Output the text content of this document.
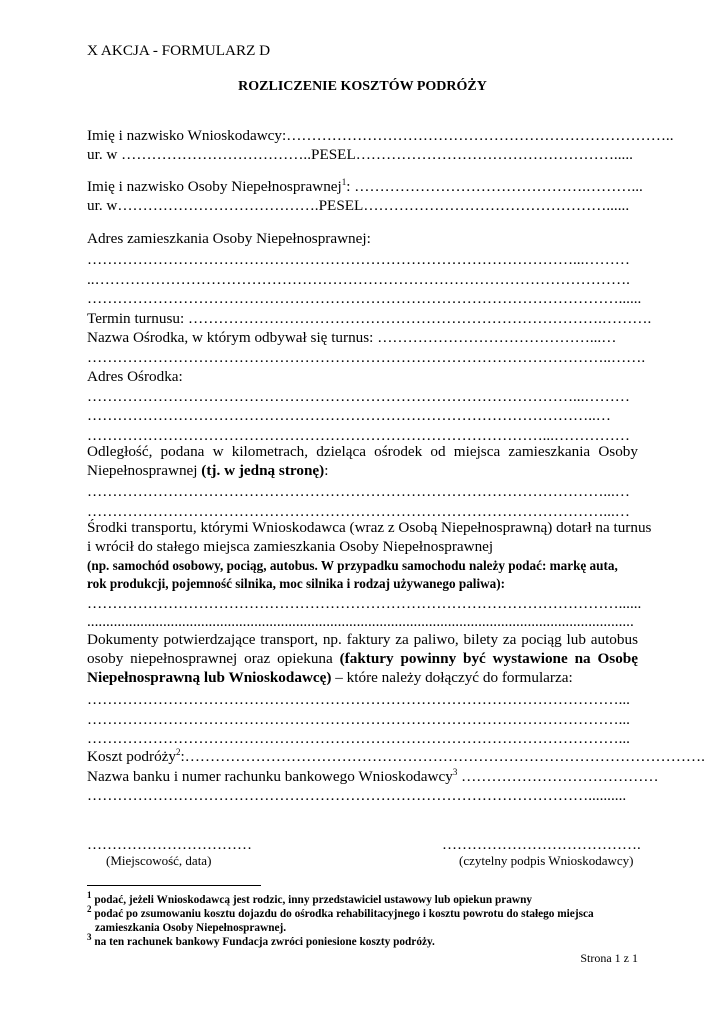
X AKCJA - FORMULARZ D
ROZLICZENIE KOSZTÓW PODRÓŻY
Imię i nazwisko Wnioskodawcy:…………………………………………………………………..
ur. w ………………………………..PESEL…………………………………………….....
Imię i nazwisko Osoby Niepełnosprawnej$^1$: ……………………………………….………...
ur. w………………………………….PESEL…………………………………………......
Adres zamieszkania Osoby Niepełnosprawnej:
……………………………………………………………………………………...………
..…………………………………………………………………………………………….
……………………………………………………………………………………………......
Termin turnusu: ……………………………………………………………………….……….
Nazwa Ośrodka, w którym odbywał się turnus: ……………………………………...…
…………………………………………………………………………………………..…….
Adres Ośrodka:
……………………………………………………………………………………...………
………………………………………………………………………………………..…
………………………………………………………………………………...……………
Odległość, podana w kilometrach, dzieląca ośrodek od miejsca zamieszkania Osoby
Niepełnosprawnej (tj. w jedną stronę):
…………………………………………………………………………………………...…
…………………………………………………………………………………………...…
Środki transportu, którymi Wnioskodawca (wraz z Osobą Niepełnosprawną) dotarł na turnus
i wrócił do stałego miejsca zamieszkania Osoby Niepełnosprawnej
(np. samochód osobowy, pociąg, autobus. W przypadku samochodu należy podać: markę auta,
rok produkcji, pojemność silnika, moc silnika i rodzaj używanego paliwa):
……………………………………………………………………………………………......
................................................................................................................................................
Dokumenty potwierdzające transport, np. faktury za paliwo, bilety za pociąg lub autobus
osoby niepełnosprawnej oraz opiekuna (faktury powinny być wystawione na Osobę
Niepełnosprawną lub Wnioskodawcę) – które należy dołączyć do formularza:
……………………………………………………………………………………………...
……………………………………………………………………………………………...
……………………………………………………………………………………………...
Koszt podróży$^2$:………………………………………………………………………………………….
Nazwa banku i numer rachunku bankowego Wnioskodawcy$^3$ …………………………………
………………………………………………………………………………………..........
……………………………
(Miejscowość, data)
………………………………….
(czytelny podpis Wnioskodawcy)
$^1$ podać, jeżeli Wnioskodawcą jest rodzic, inny przedstawiciel ustawowy lub opiekun prawny
$^2$ podać po zsumowaniu kosztu dojazdu do ośrodka rehabilitacyjnego i kosztu powrotu do stałego miejsca
zamieszkania Osoby Niepełnosprawnej.
$^3$ na ten rachunek bankowy Fundacja zwróci poniesione koszty podróży.
Strona 1 z 1
